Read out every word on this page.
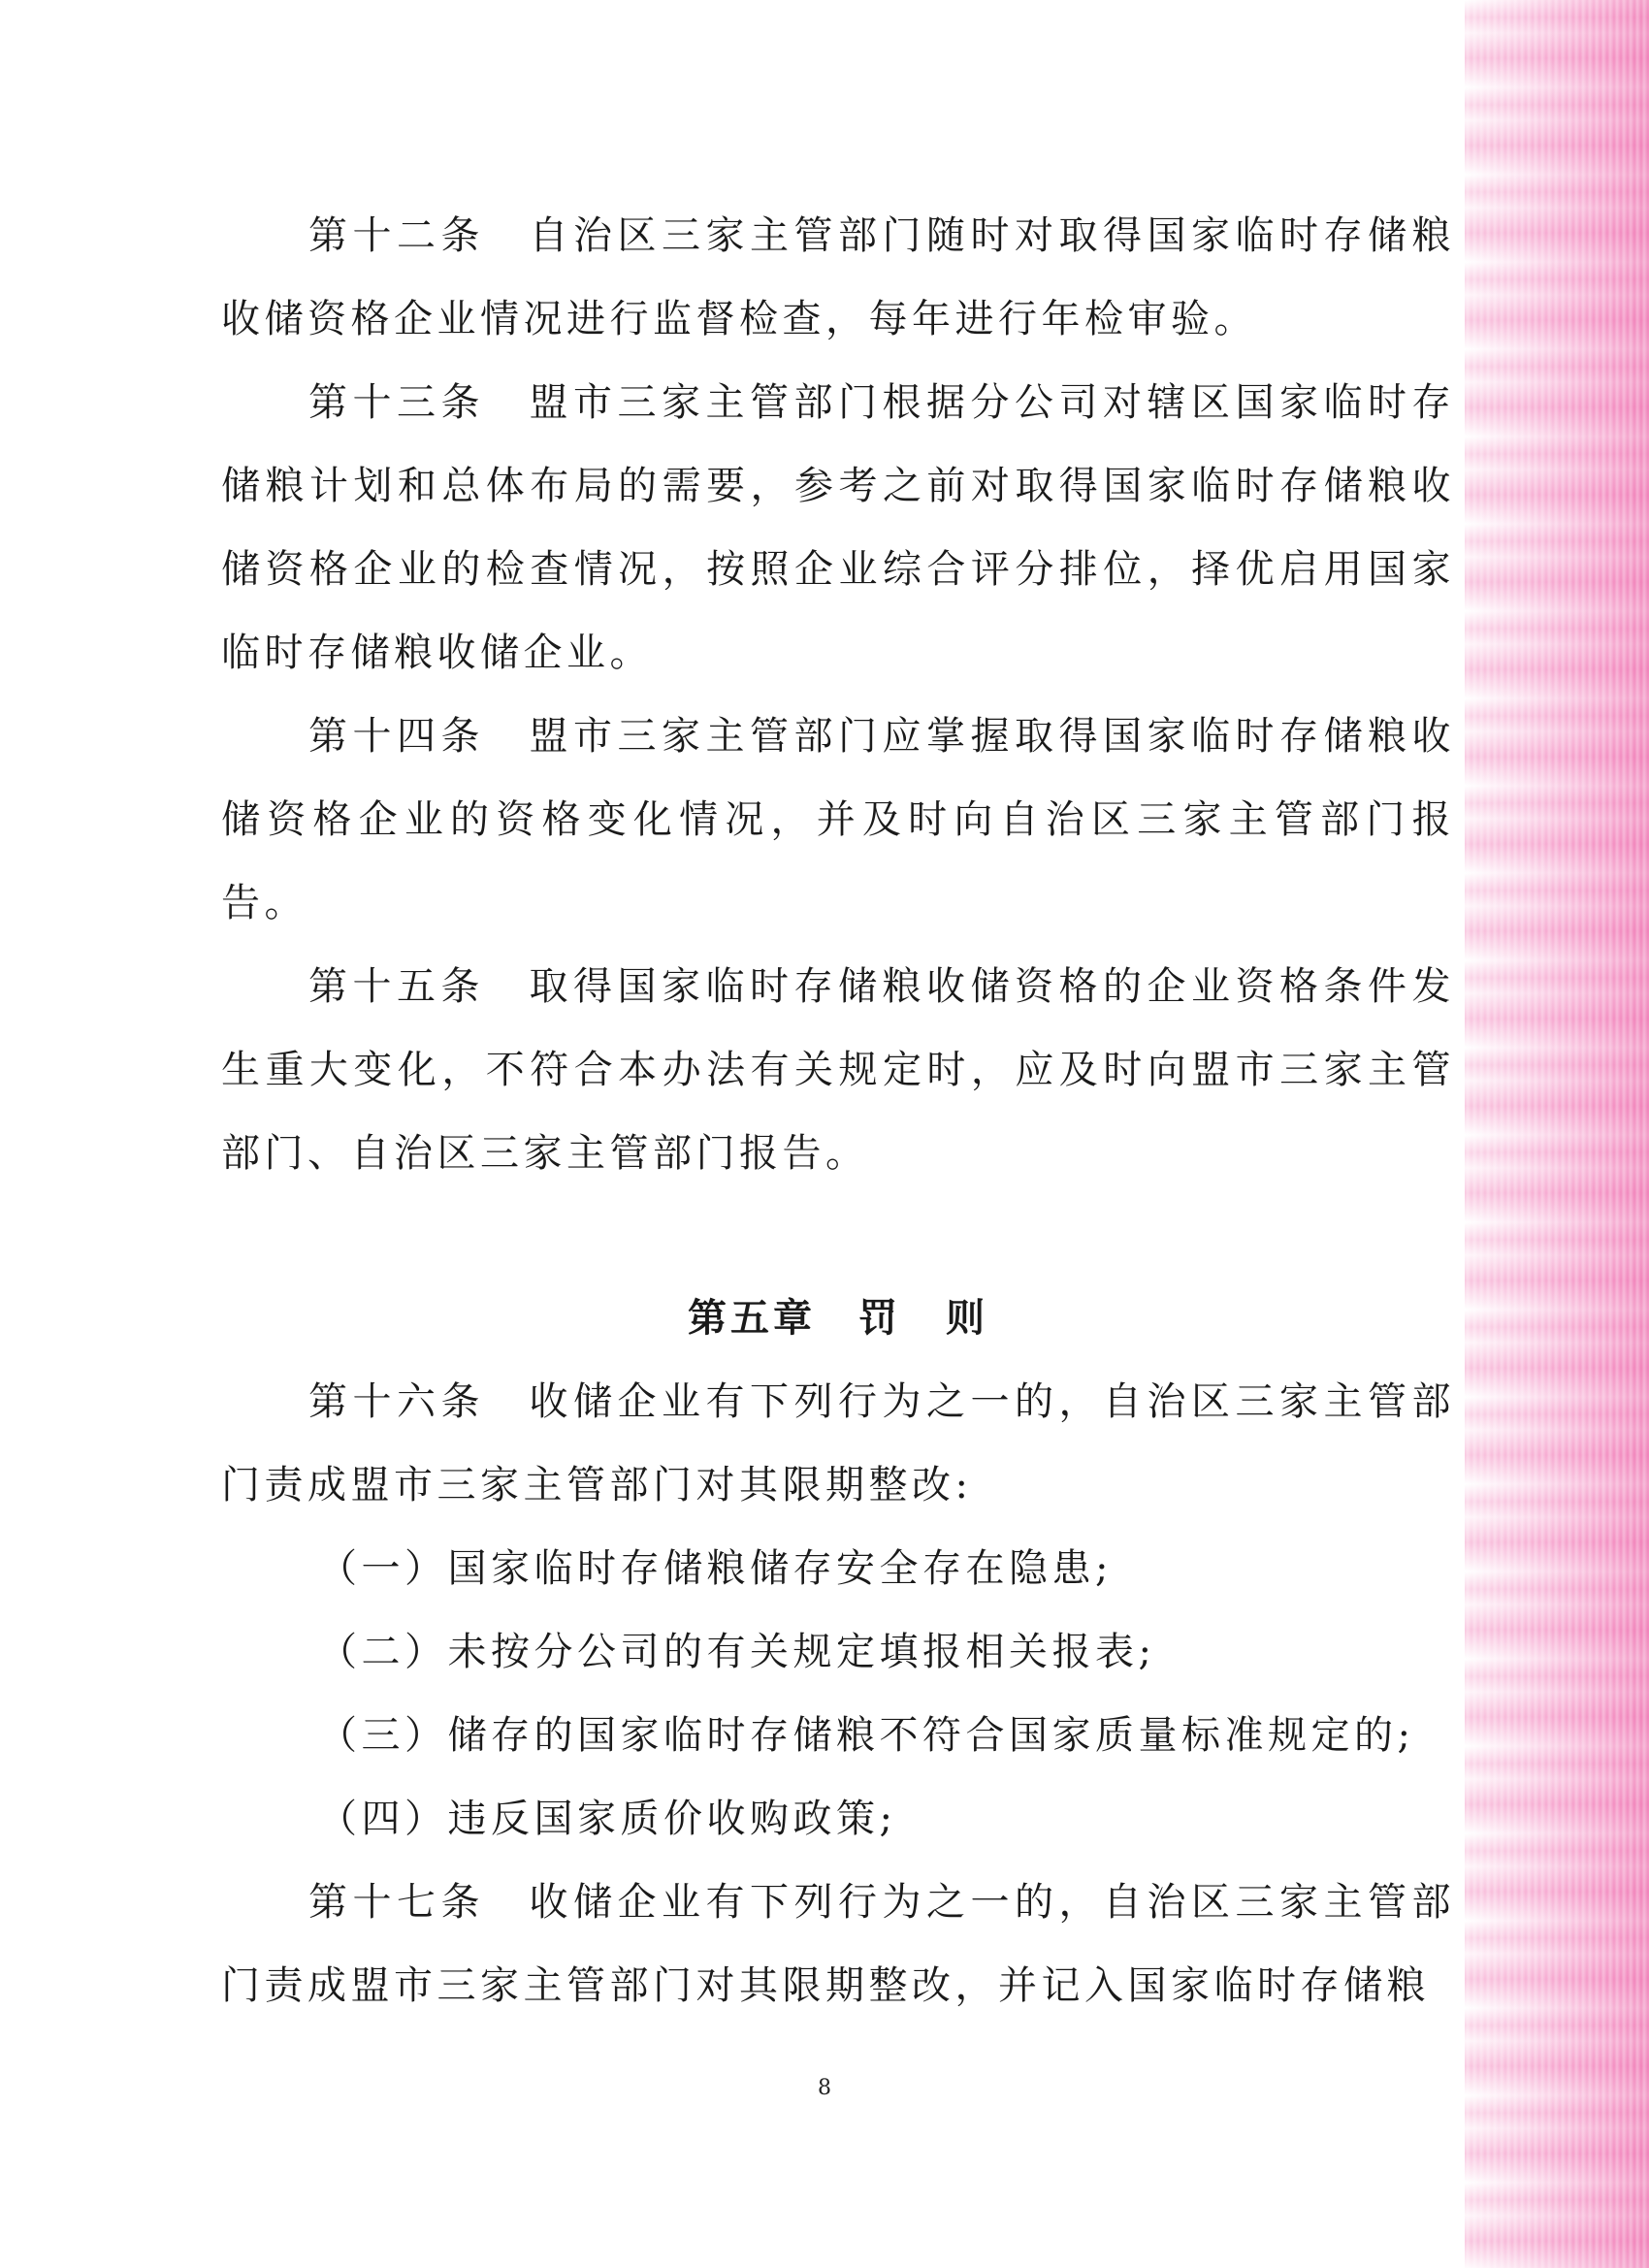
第十二条　自治区三家主管部门随时对取得国家临时存储粮收储资格企业情况进行监督检查，每年进行年检审验。

第十三条　盟市三家主管部门根据分公司对辖区国家临时存储粮计划和总体布局的需要，参考之前对取得国家临时存储粮收储资格企业的检查情况，按照企业综合评分排位，择优启用国家临时存储粮收储企业。

第十四条　盟市三家主管部门应掌握取得国家临时存储粮收储资格企业的资格变化情况，并及时向自治区三家主管部门报告。

第十五条　取得国家临时存储粮收储资格的企业资格条件发生重大变化，不符合本办法有关规定时，应及时向盟市三家主管部门、自治区三家主管部门报告。

第五章　罚 则

第十六条　收储企业有下列行为之一的，自治区三家主管部门责成盟市三家主管部门对其限期整改:

（一）国家临时存储粮储存安全存在隐患;

（二）未按分公司的有关规定填报相关报表;

（三）储存的国家临时存储粮不符合国家质量标准规定的;

（四）违反国家质价收购政策;

第十七条　收储企业有下列行为之一的，自治区三家主管部门责成盟市三家主管部门对其限期整改，并记入国家临时存储粮

8
